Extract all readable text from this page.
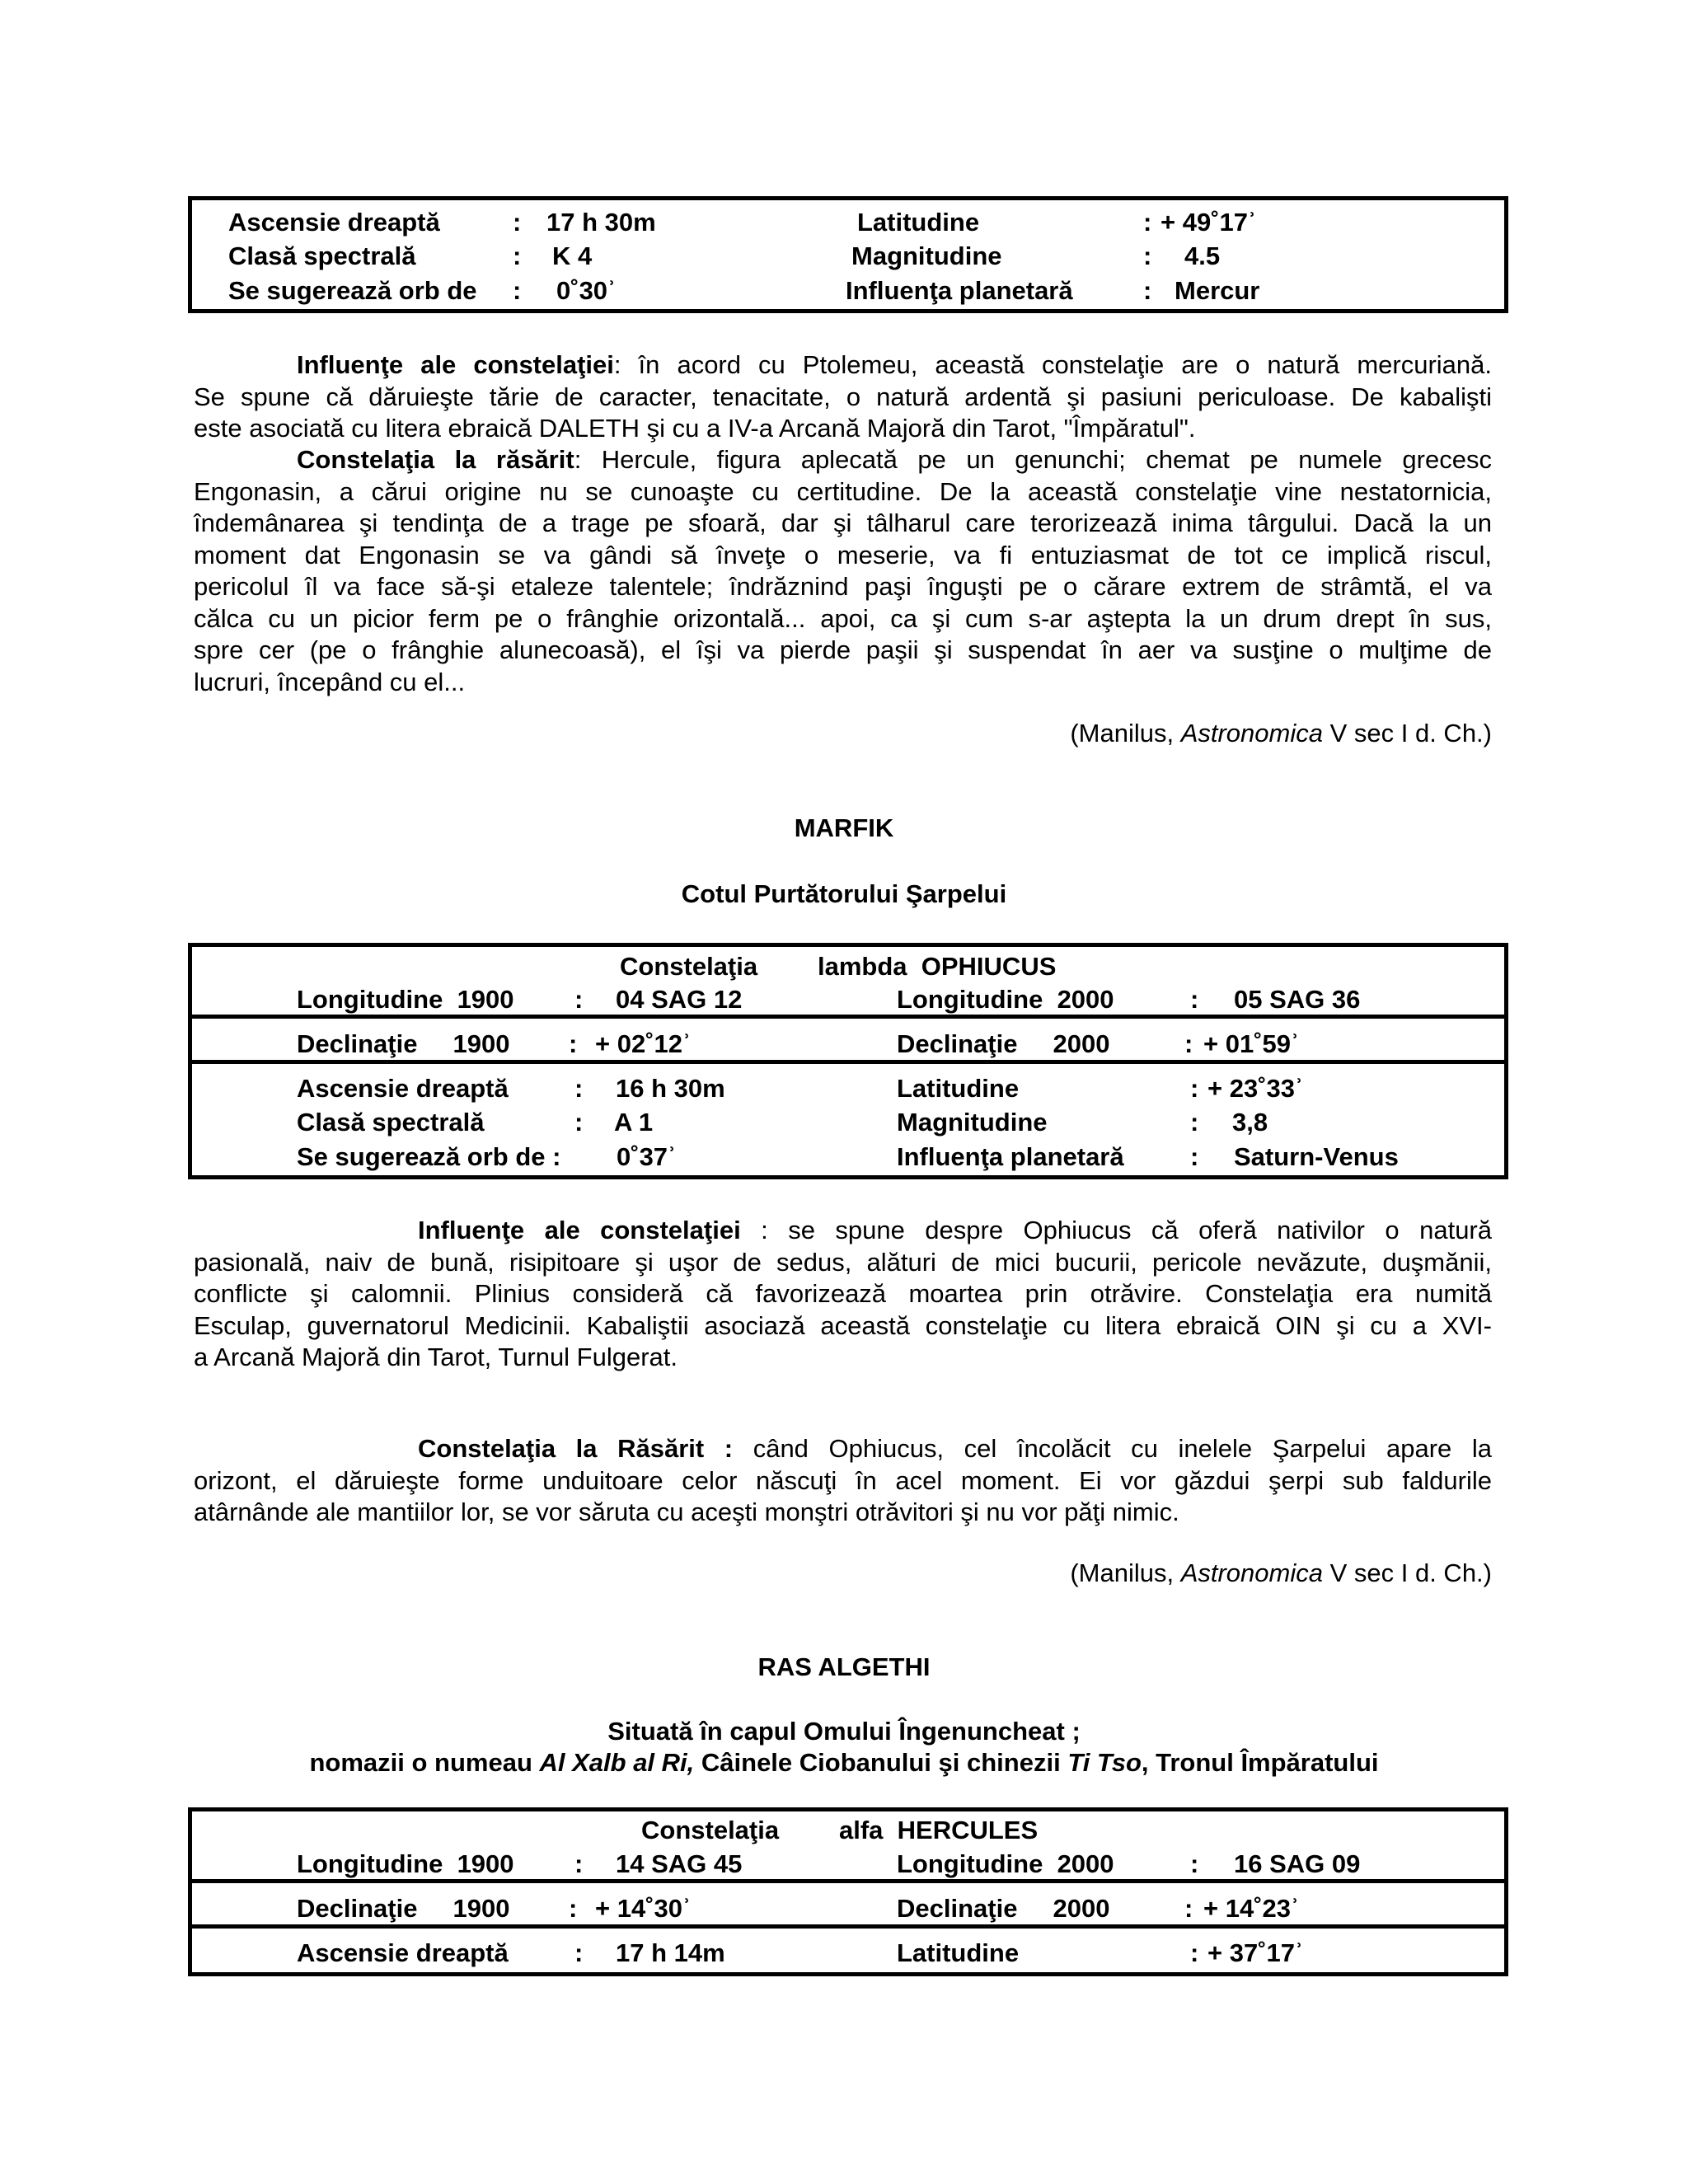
Ascensie dreaptă	: 17 h 30m	Latitudine	: + 49˚17ʾ
Clasă spectrală	: K 4	Magnitudine	: 4.5
Se sugerează orb de : 0˚30ʾ	Influenţa planetară	: Mercur
Influenţe ale constelaţiei: în acord cu Ptolemeu, această constelaţie are o natură mercuriană.
Se spune că dăruieşte tărie de caracter, tenacitate, o natură ardentă şi pasiuni periculoase. De kabalişti
este asociată cu litera ebraică DALETH şi cu a IV-a Arcană Majoră din Tarot, "Împăratul".
Constelaţia la răsărit: Hercule, figura aplecată pe un genunchi; chemat pe numele grecesc
Engonasin, a cărui origine nu se cunoaşte cu certitudine. De la această constelaţie vine nestatornicia,
îndemânarea şi tendinţa de a trage pe sfoară, dar şi tâlharul care terorizează inima târgului. Dacă la un
moment dat Engonasin se va gândi să înveţe o meserie, va fi entuziasmat de tot ce implică riscul,
pericolul îl va face să-şi etaleze talentele; îndrăznind paşi înguşti pe o cărare extrem de strâmtă, el va
călca cu un picior ferm pe o frânghie orizontală... apoi, ca şi cum s-ar aştepta la un drum drept în sus,
spre cer (pe o frânghie alunecoasă), el îşi va pierde paşii şi suspendat în aer va susţine o mulţime de
lucruri, începând cu el...
(Manilus, Astronomica V sec I d. Ch.)
MARFIK
Cotul Purtătorului Şarpelui
Constelaţia lambda  OPHIUCUS
Longitudine  1900 : 04 SAG 12	Longitudine  2000	: 05 SAG 36
Declinaţie     1900 : + 02˚12ʾ	Declinaţie     2000	: + 01˚59ʾ
Ascensie dreaptă	: 16 h 30m	Latitudine	: + 23˚33ʾ
Clasă spectrală	: A 1	Magnitudine	: 3,8
Se sugerează orb de : 0˚37ʾ	Influenţa planetară	: Saturn-Venus
Influenţe ale constelaţiei : se spune despre Ophiucus că oferă nativilor o natură
pasională, naiv de bună, risipitoare şi uşor de sedus, alături de mici bucurii, pericole nevăzute, duşmănii,
conflicte şi calomnii. Plinius consideră că favorizează moartea prin otrăvire. Constelaţia era numită
Esculap, guvernatorul Medicinii. Kabaliştii asociază această constelaţie cu litera ebraică OIN şi cu a XVI-
a Arcană Majoră din Tarot, Turnul Fulgerat.
Constelaţia la Răsărit : când Ophiucus, cel încolăcit cu inelele Şarpelui apare la
orizont, el dăruieşte forme unduitoare celor născuţi în acel moment. Ei vor găzdui şerpi sub faldurile
atârnânde ale mantiilor lor, se vor săruta cu aceşti monştri otrăvitori şi nu vor păţi nimic.
(Manilus, Astronomica V sec I d. Ch.)
RAS ALGETHI
Situată în capul Omului Îngenuncheat ;
nomazii o numeau Al Xalb al Ri, Câinele Ciobanului şi chinezii Ti Tso, Tronul Împăratului
Constelaţia alfa  HERCULES
Longitudine  1900 : 14 SAG 45	Longitudine  2000	: 16 SAG 09
Declinaţie     1900 : + 14˚30ʾ	Declinaţie     2000	: + 14˚23ʾ
Ascensie dreaptă	: 17 h 14m	Latitudine	: + 37˚17ʾ
